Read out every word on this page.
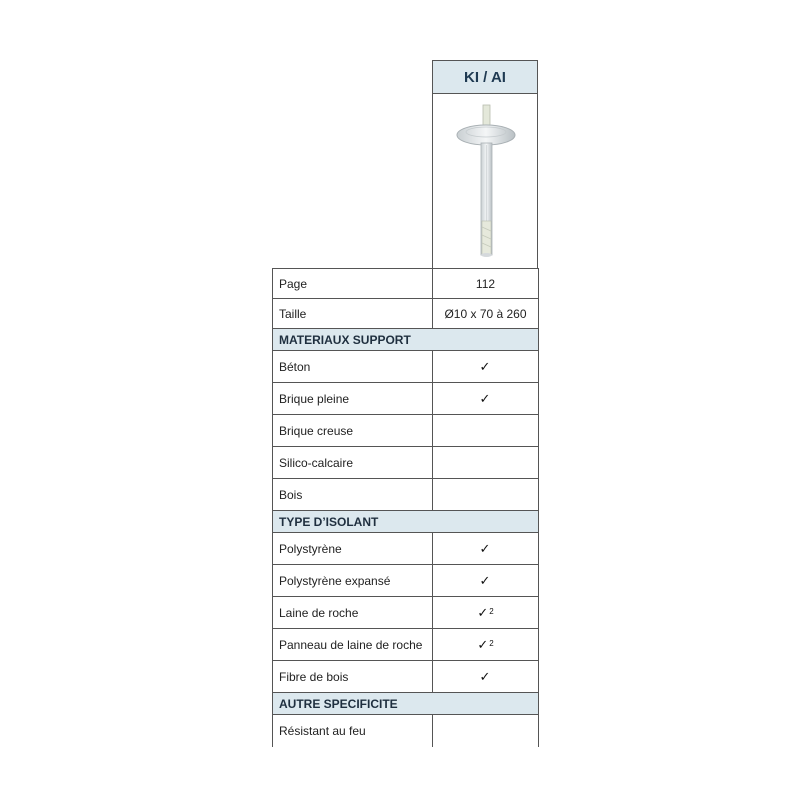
KI / AI
Page	112
Taille	Ø10 x 70 à 260
MATERIAUX SUPPORT	
Béton	✓
Brique pleine	✓
Brique creuse	
Silico-calcaire	
Bois	
TYPE D’ISOLANT	
Polystyrène	✓
Polystyrène expansé	✓
Laine de roche	✓$^2$
Panneau de laine de roche	✓$^2$
Fibre de bois	✓
AUTRE SPECIFICITE	
Résistant au feu	
